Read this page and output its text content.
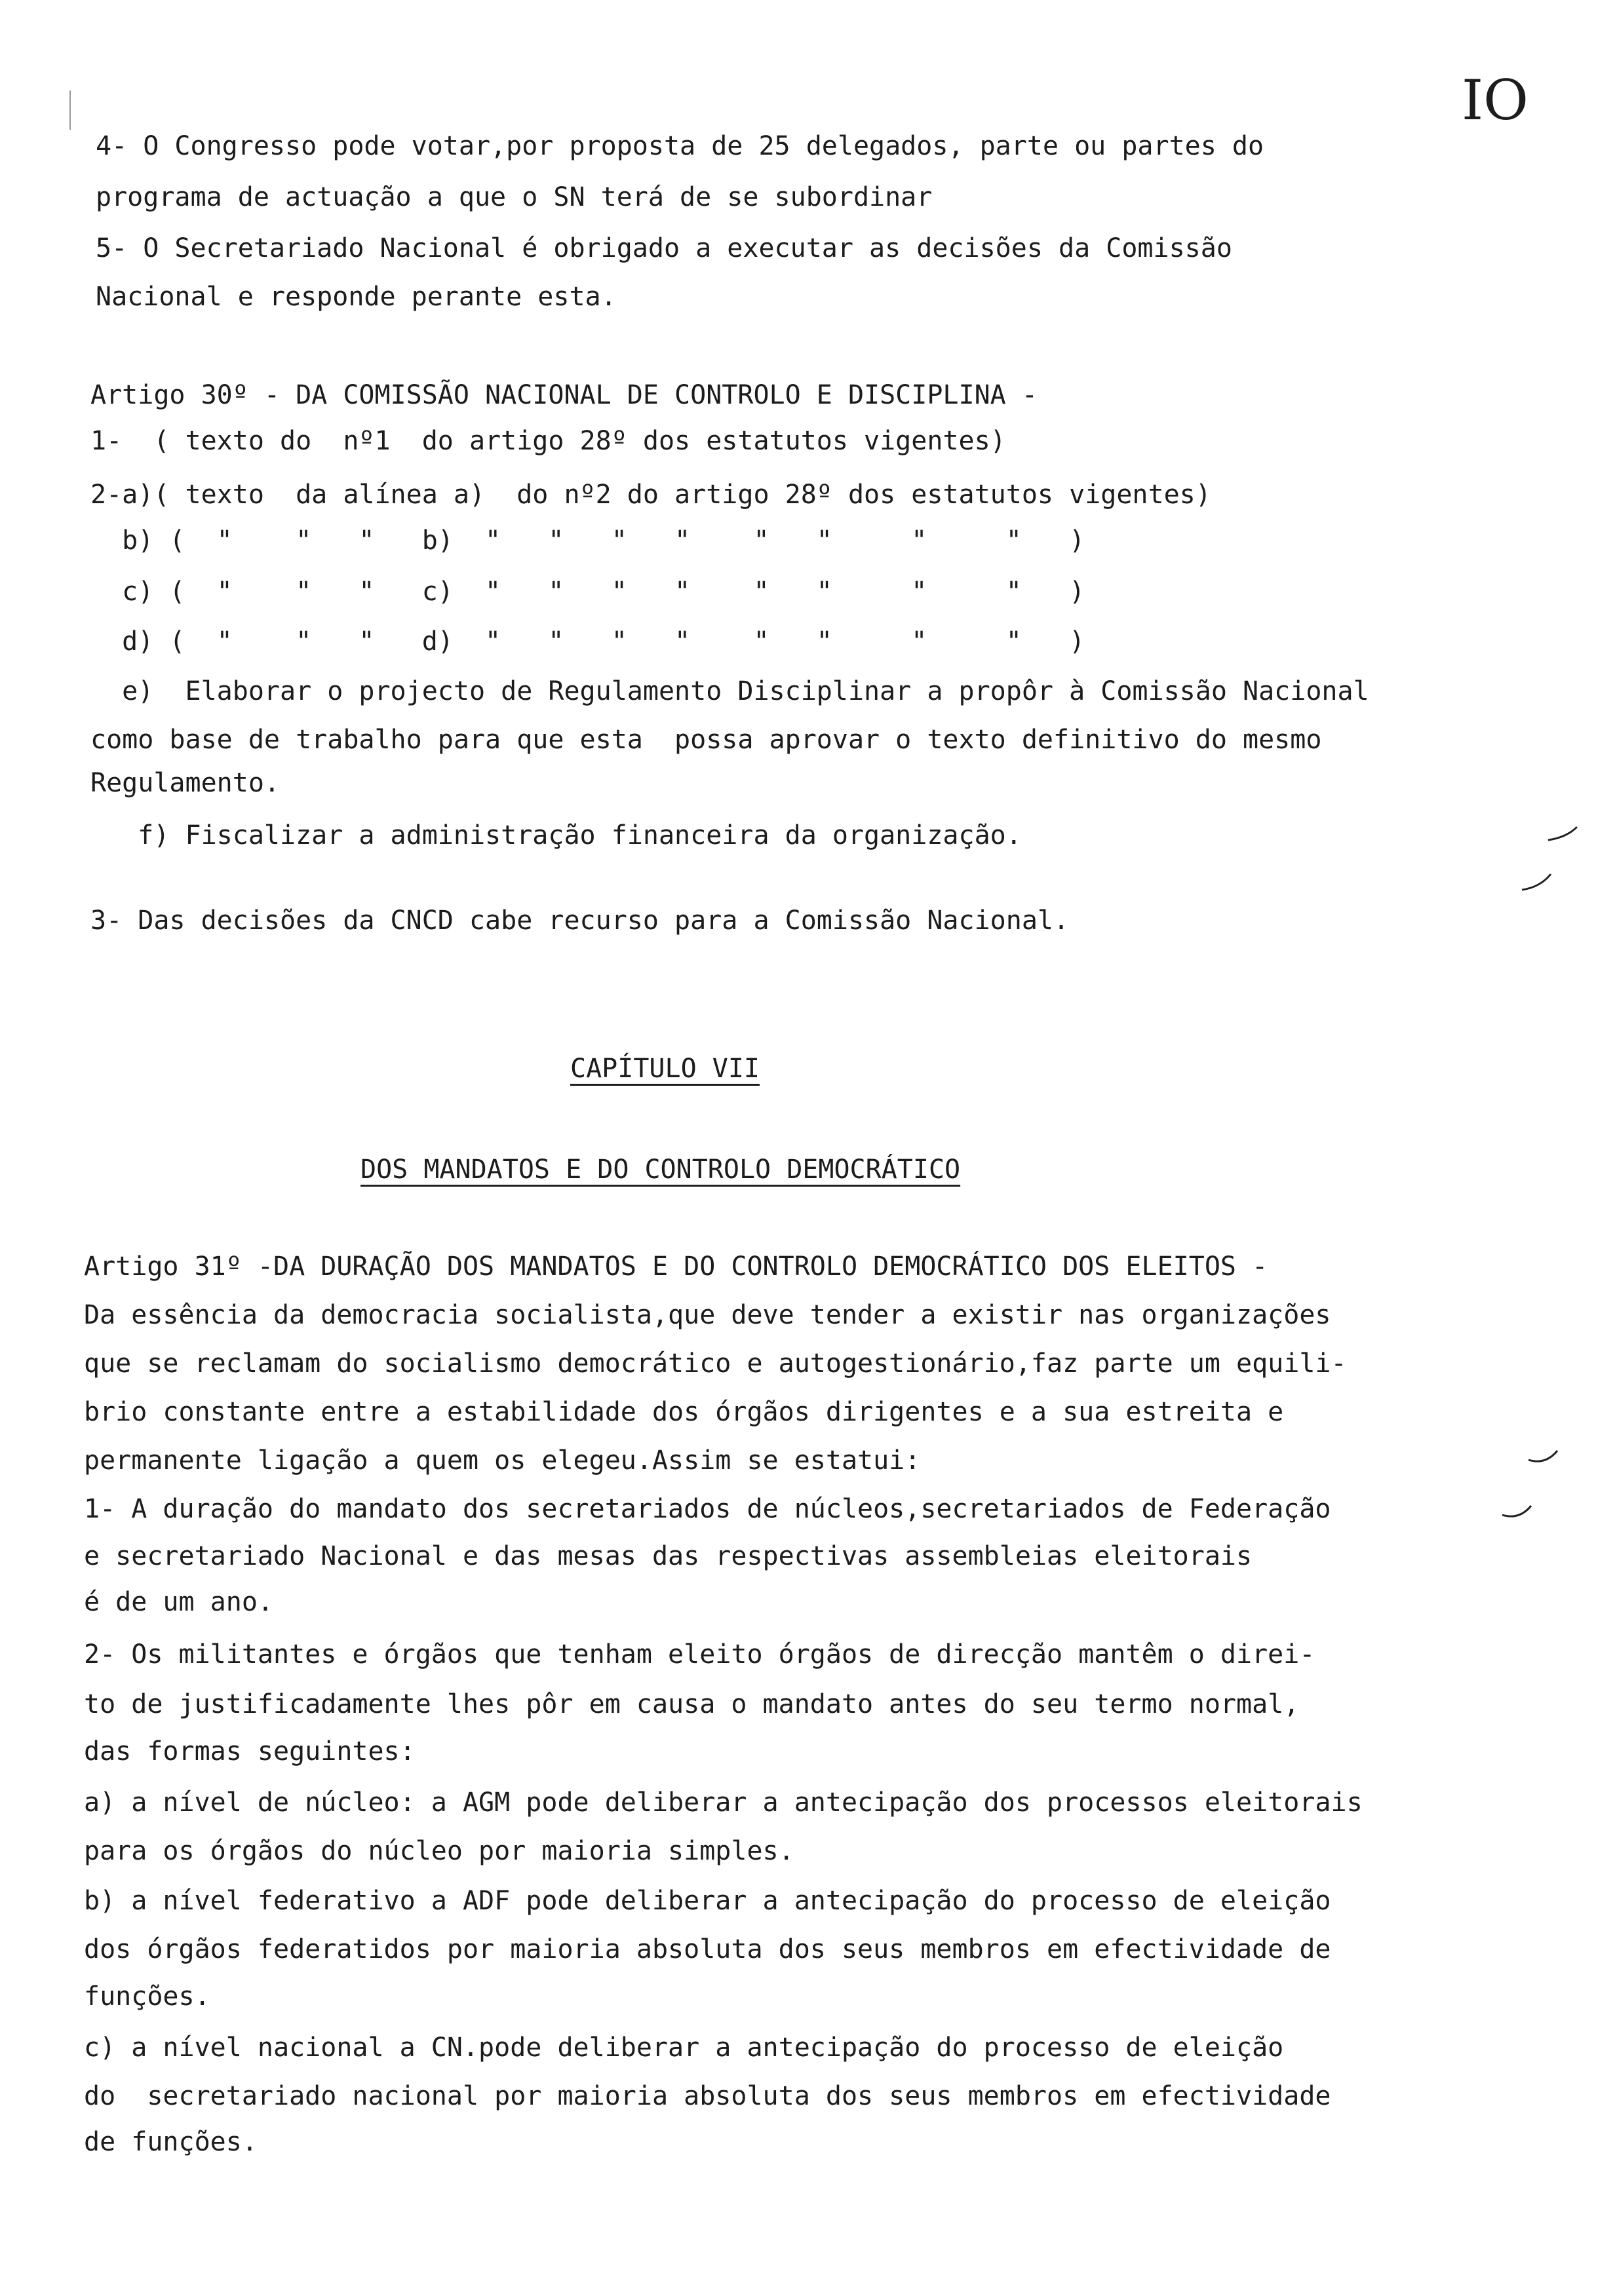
IO
4- O Congresso pode votar,por proposta de 25 delegados, parte ou partes do
programa de actuação a que o SN terá de se subordinar
5- O Secretariado Nacional é obrigado a executar as decisões da Comissão
Nacional e responde perante esta.
Artigo 30º - DA COMISSÃO NACIONAL DE CONTROLO E DISCIPLINA -
1-  ( texto do  nº1  do artigo 28º dos estatutos vigentes)
2-a)( texto  da alínea a)  do nº2 do artigo 28º dos estatutos vigentes)
b) (  "    "   "   b)  "   "   "   "    "   "     "     "   )
c) (  "    "   "   c)  "   "   "   "    "   "     "     "   )
d) (  "    "   "   d)  "   "   "   "    "   "     "     "   )
e)  Elaborar o projecto de Regulamento Disciplinar a propôr à Comissão Nacional
como base de trabalho para que esta  possa aprovar o texto definitivo do mesmo
Regulamento.
f) Fiscalizar a administração financeira da organização.
3- Das decisões da CNCD cabe recurso para a Comissão Nacional.
CAPÍTULO VII
DOS MANDATOS E DO CONTROLO DEMOCRÁTICO
Artigo 31º -DA DURAÇÃO DOS MANDATOS E DO CONTROLO DEMOCRÁTICO DOS ELEITOS -
Da essência da democracia socialista,que deve tender a existir nas organizações
que se reclamam do socialismo democrático e autogestionário,faz parte um equili-
brio constante entre a estabilidade dos órgãos dirigentes e a sua estreita e
permanente ligação a quem os elegeu.Assim se estatui:
1- A duração do mandato dos secretariados de núcleos,secretariados de Federação
e secretariado Nacional e das mesas das respectivas assembleias eleitorais
é de um ano.
2- Os militantes e órgãos que tenham eleito órgãos de direcção mantêm o direi-
to de justificadamente lhes pôr em causa o mandato antes do seu termo normal,
das formas seguintes:
a) a nível de núcleo: a AGM pode deliberar a antecipação dos processos eleitorais
para os órgãos do núcleo por maioria simples.
b) a nível federativo a ADF pode deliberar a antecipação do processo de eleição
dos órgãos federatidos por maioria absoluta dos seus membros em efectividade de
funções.
c) a nível nacional a CN.pode deliberar a antecipação do processo de eleição
do  secretariado nacional por maioria absoluta dos seus membros em efectividade
de funções.
